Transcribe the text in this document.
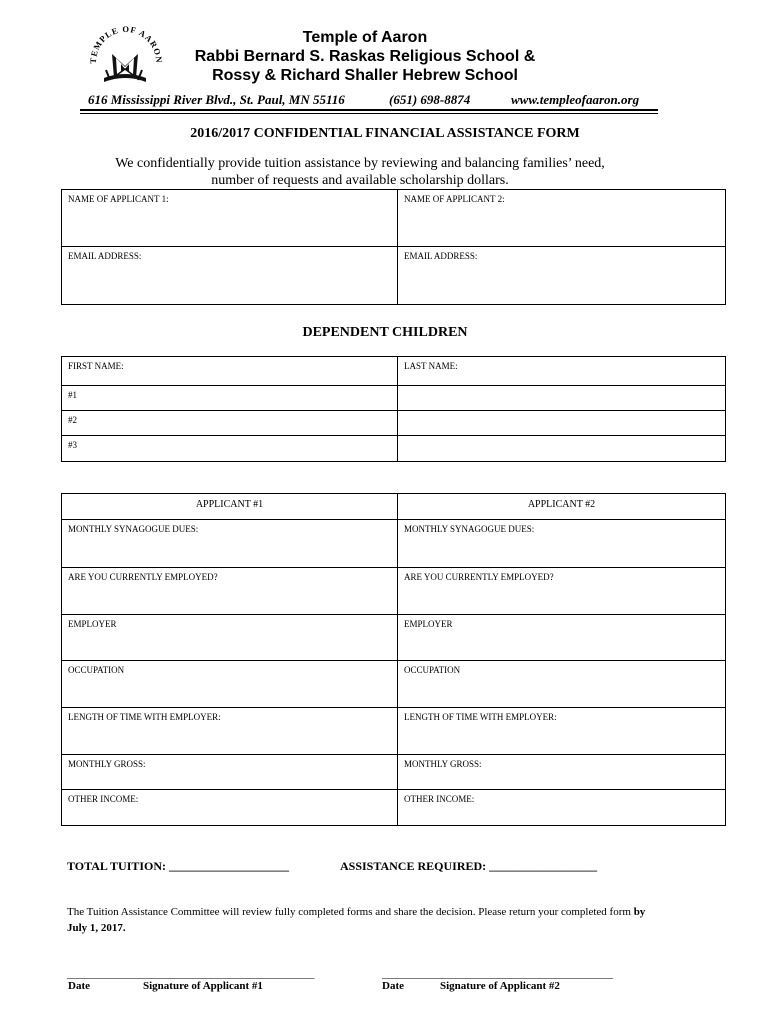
TEMPLE OF AARON
Temple of Aaron
Rabbi Bernard S. Raskas Religious School &
Rossy & Richard Shaller Hebrew School
616 Mississippi River Blvd., St. Paul, MN 55116	(651) 698-8874	www.templeofaaron.org
2016/2017 CONFIDENTIAL FINANCIAL ASSISTANCE FORM
We confidentially provide tuition assistance by reviewing and balancing families’ need,
number of requests and available scholarship dollars.
NAME OF APPLICANT 1:	NAME OF APPLICANT 2:
EMAIL ADDRESS:	EMAIL ADDRESS:
DEPENDENT CHILDREN
FIRST NAME:	LAST NAME:
#1	
#2	
#3	
APPLICANT #1	APPLICANT #2
MONTHLY SYNAGOGUE DUES:	MONTHLY SYNAGOGUE DUES:
ARE YOU CURRENTLY EMPLOYED?	ARE YOU CURRENTLY EMPLOYED?
EMPLOYER	EMPLOYER
OCCUPATION	OCCUPATION
LENGTH OF TIME WITH EMPLOYER:	LENGTH OF TIME WITH EMPLOYER:
MONTHLY GROSS:	MONTHLY GROSS:
OTHER INCOME:	OTHER INCOME:
TOTAL TUITION: ____________________	ASSISTANCE REQUIRED: __________________
The Tuition Assistance Committee will review fully completed forms and share the decision. Please return your completed form by July 1, 2017.
_____________________________________________	__________________________________________
Date	Signature of Applicant #1	Date	Signature of Applicant #2
